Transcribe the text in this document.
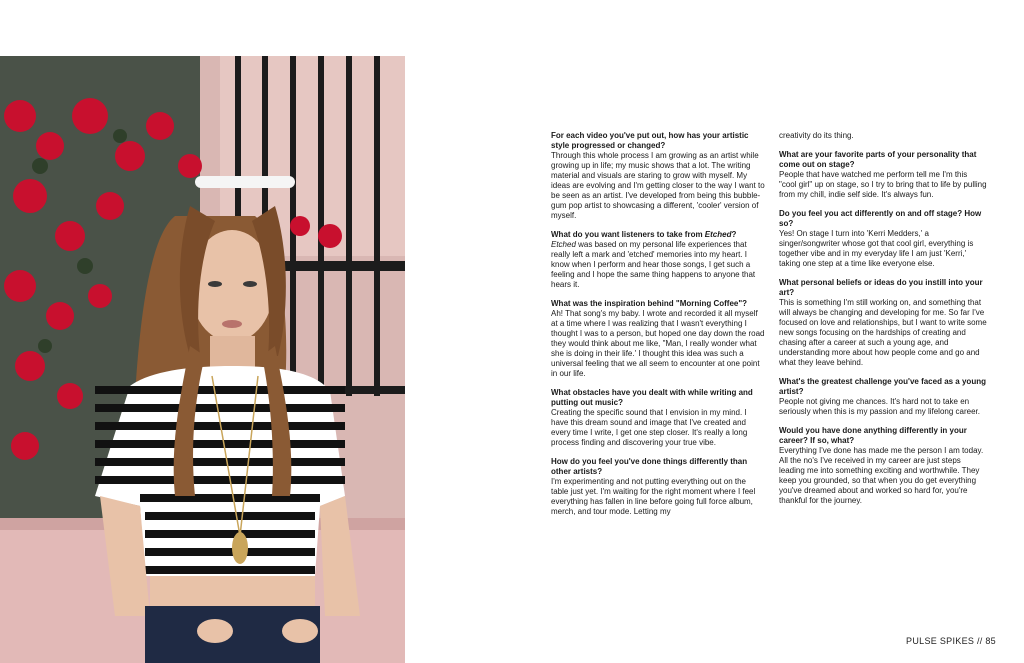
For each video you've put out, how has your artistic style progressed or changed?
Through this whole process I am growing as an artist while growing up in life; my music shows that a lot. The writing material and visuals are staring to grow with myself. My ideas are evolving and I'm getting closer to the way I want to be seen as an artist. I've developed from being this bubble-gum pop artist to showcasing a different, 'cooler' version of myself.
What do you want listeners to take from Etched?
Etched was based on my personal life experiences that really left a mark and 'etched' memories into my heart. I know when I perform and hear those songs, I get such a feeling and I hope the same thing happens to anyone that hears it.
What was the inspiration behind "Morning Coffee"?
Ah! That song's my baby. I wrote and recorded it all myself at a time where I was realizing that I wasn't everything I thought I was to a person, but hoped one day down the road they would think about me like, "Man, I really wonder what she is doing in their life.' I thought this idea was such a universal feeling that we all seem to encounter at one point in our life.
What obstacles have you dealt with while writing and putting out music?
Creating the specific sound that I envision in my mind. I have this dream sound and image that I've created and every time I write, I get one step closer. It's really a long process finding and discovering your true vibe.
How do you feel you've done things differently than other artists?
I'm experimenting and not putting everything out on the table just yet. I'm waiting for the right moment where I feel everything has fallen in line before going full force album, merch, and tour mode. Letting my
creativity do its thing.
What are your favorite parts of your personality that come out on stage?
People that have watched me perform tell me I'm this "cool girl" up on stage, so I try to bring that to life by pulling from my chill, indie self side. It's always fun.
Do you feel you act differently on and off stage? How so?
Yes! On stage I turn into 'Kerri Medders,' a singer/songwriter whose got that cool girl, everything is together vibe and in my everyday life I am just 'Kerri,' taking one step at a time like everyone else.
What personal beliefs or ideas do you instill into your art?
This is something I'm still working on, and something that will always be changing and developing for me. So far I've focused on love and relationships, but I want to write some new songs focusing on the hardships of creating and chasing after a career at such a young age, and understanding more about how people come and go and what they leave behind.
What's the greatest challenge you've faced as a young artist?
People not giving me chances. It's hard not to take en seriously when this is my passion and my lifelong career.
Would you have done anything differently in your career? If so, what?
Everything I've done has made me the person I am today. All the no's I've received in my career are just steps leading me into something exciting and worthwhile. They keep you grounded, so that when you do get everything you've dreamed about and worked so hard for, you're thankful for the journey.
PULSE SPIKES // 85
